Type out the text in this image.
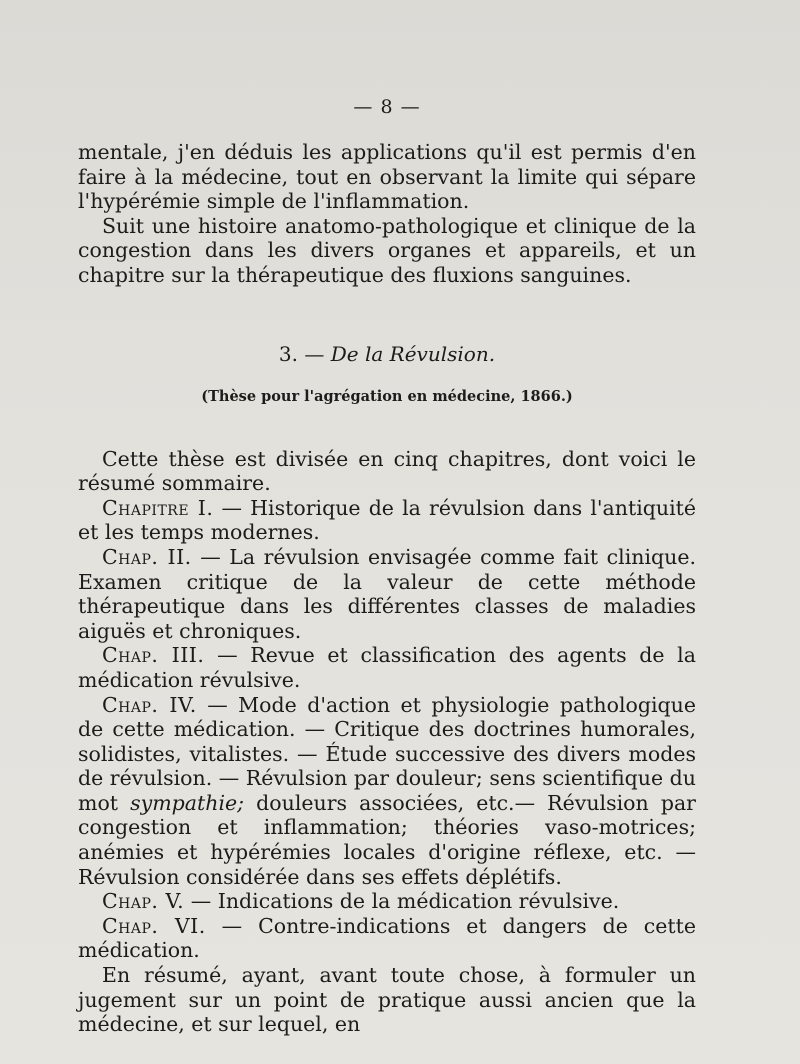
— 8 —

mentale, j'en déduis les applications qu'il est permis d'en faire à la médecine, tout en observant la limite qui sépare l'hypérémie simple de l'inflammation.

Suit une histoire anatomo-pathologique et clinique de la congestion dans les divers organes et appareils, et un chapitre sur la thérapeutique des fluxions sanguines.

3. — De la Révulsion.
(Thèse pour l'agrégation en médecine, 1866.)

Cette thèse est divisée en cinq chapitres, dont voici le résumé sommaire.

Chapitre I. — Historique de la révulsion dans l'antiquité et les temps modernes.

Chap. II. — La révulsion envisagée comme fait clinique. Examen critique de la valeur de cette méthode thérapeutique dans les différentes classes de maladies aiguës et chroniques.

Chap. III. — Revue et classification des agents de la médication révulsive.

Chap. IV. — Mode d'action et physiologie pathologique de cette médication. — Critique des doctrines humorales, solidistes, vitalistes. — Étude successive des divers modes de révulsion. — Révulsion par douleur; sens scientifique du mot sympathie; douleurs associées, etc.— Révulsion par congestion et inflammation; théories vaso-motrices; anémies et hypérémies locales d'origine réflexe, etc. — Révulsion considérée dans ses effets déplétifs.

Chap. V. — Indications de la médication révulsive.

Chap. VI. — Contre-indications et dangers de cette médication.

En résumé, ayant, avant toute chose, à formuler un jugement sur un point de pratique aussi ancien que la médecine, et sur lequel, en
